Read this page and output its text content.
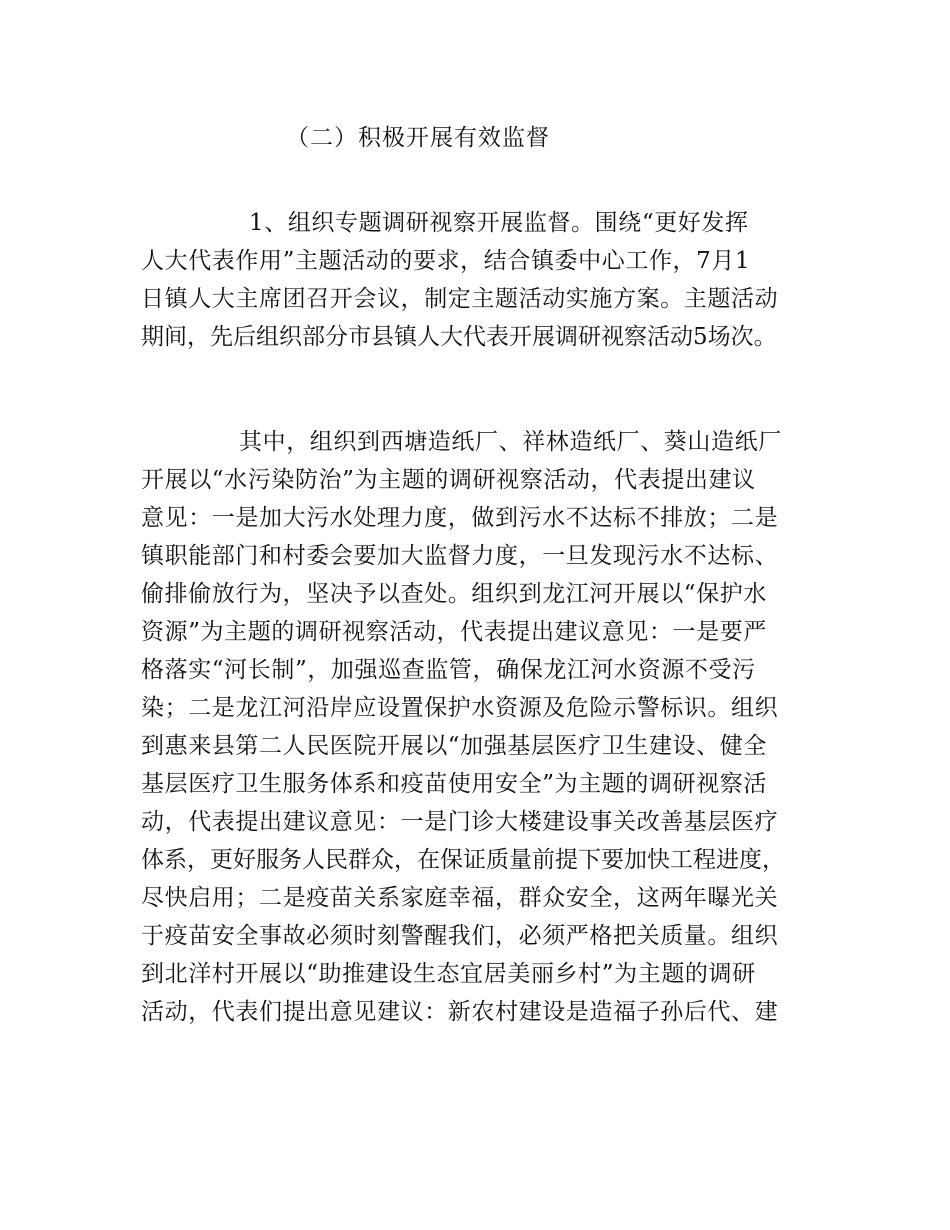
（二）积极开展有效监督
1、组织专题调研视察开展监督。围绕“更好发挥
人大代表作用”主题活动的要求，结合镇委中心工作，7月1
日镇人大主席团召开会议，制定主题活动实施方案。主题活动
期间，先后组织部分市县镇人大代表开展调研视察活动5场次。
其中，组织到西塘造纸厂、祥林造纸厂、葵山造纸厂
开展以“水污染防治”为主题的调研视察活动，代表提出建议
意见：一是加大污水处理力度，做到污水不达标不排放；二是
镇职能部门和村委会要加大监督力度，一旦发现污水不达标、
偷排偷放行为，坚决予以查处。组织到龙江河开展以“保护水
资源”为主题的调研视察活动，代表提出建议意见：一是要严
格落实“河长制”，加强巡查监管，确保龙江河水资源不受污
染；二是龙江河沿岸应设置保护水资源及危险示警标识。组织
到惠来县第二人民医院开展以“加强基层医疗卫生建设、健全
基层医疗卫生服务体系和疫苗使用安全”为主题的调研视察活
动，代表提出建议意见：一是门诊大楼建设事关改善基层医疗
体系，更好服务人民群众，在保证质量前提下要加快工程进度，
尽快启用；二是疫苗关系家庭幸福，群众安全，这两年曝光关
于疫苗安全事故必须时刻警醒我们，必须严格把关质量。组织
到北洋村开展以“助推建设生态宜居美丽乡村”为主题的调研
活动，代表们提出意见建议：新农村建设是造福子孙后代、建
